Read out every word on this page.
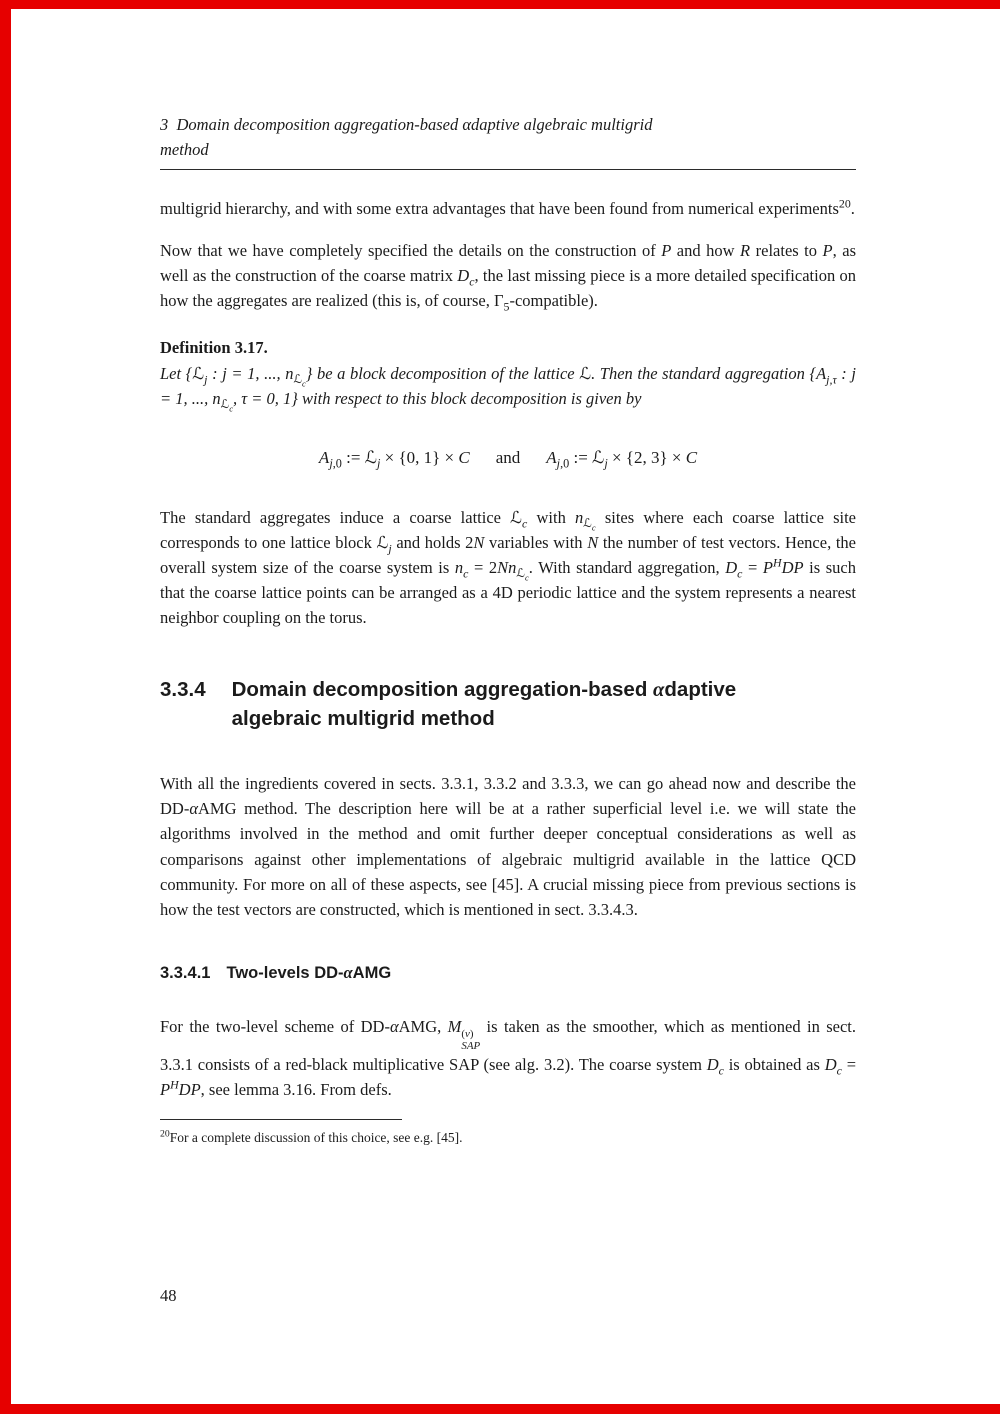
3  Domain decomposition aggregation-based αdaptive algebraic multigrid
method

multigrid hierarchy, and with some extra advantages that have been found from numerical experiments$^{20}$.

Now that we have completely specified the details on the construction of P and how R relates to P, as well as the construction of the coarse matrix $D_c$, the last missing piece is a more detailed specification on how the aggregates are realized (this is, of course, $\Gamma_5-compatible$).

Definition 3.17.
Let {ℒ$_j$ : j = 1, ..., $n_{ℒ_c}$} be a block decomposition of the lattice ℒ. Then the standard aggregation {$A_{j,\tau}$ : j = 1, ..., $n_{ℒ_c}$, τ = 0, 1} with respect to this block decomposition is given by
$A_{j,0}$ := ℒ$_j$ × {0, 1} × C and $A_{j,0}$ := ℒ$_j$ × {2, 3} × C

The standard aggregates induce a coarse lattice ℒ$_c$ with $n_{ℒ_c}$ sites where each coarse lattice site corresponds to one lattice block ℒ$_j$ and holds 2N variables with N the number of test vectors. Hence, the overall system size of the coarse system is $n_c = 2Nn_{ℒ_c}$. With standard aggregation, $D_c = P^HDP$ is such that the coarse lattice points can be arranged as a 4D periodic lattice and the system represents a nearest neighbor coupling on the torus.

3.3.4 Domain decomposition aggregation-based αdaptive
algebraic multigrid method

With all the ingredients covered in sects. 3.3.1, 3.3.2 and 3.3.3, we can go ahead now and describe the DD-αAMG method. The description here will be at a rather superficial level i.e. we will state the algorithms involved in the method and omit further deeper conceptual considerations as well as comparisons against other implementations of algebraic multigrid available in the lattice QCD community. For more on all of these aspects, see [45]. A crucial missing piece from previous sections is how the test vectors are constructed, which is mentioned in sect. 3.3.4.3.

3.3.4.1 Two-levels DD-αAMG

For the two-level scheme of DD-αAMG, M (ν)
SAP
is taken as the smoother, which as mentioned in sect. 3.3.1 consists of a red-black multiplicative SAP (see alg. 3.2). The coarse system $D_c$ is obtained as $D_c = P^HDP$, see lemma 3.16. From defs.

$^{20}$For a complete discussion of this choice, see e.g. [45].
48
